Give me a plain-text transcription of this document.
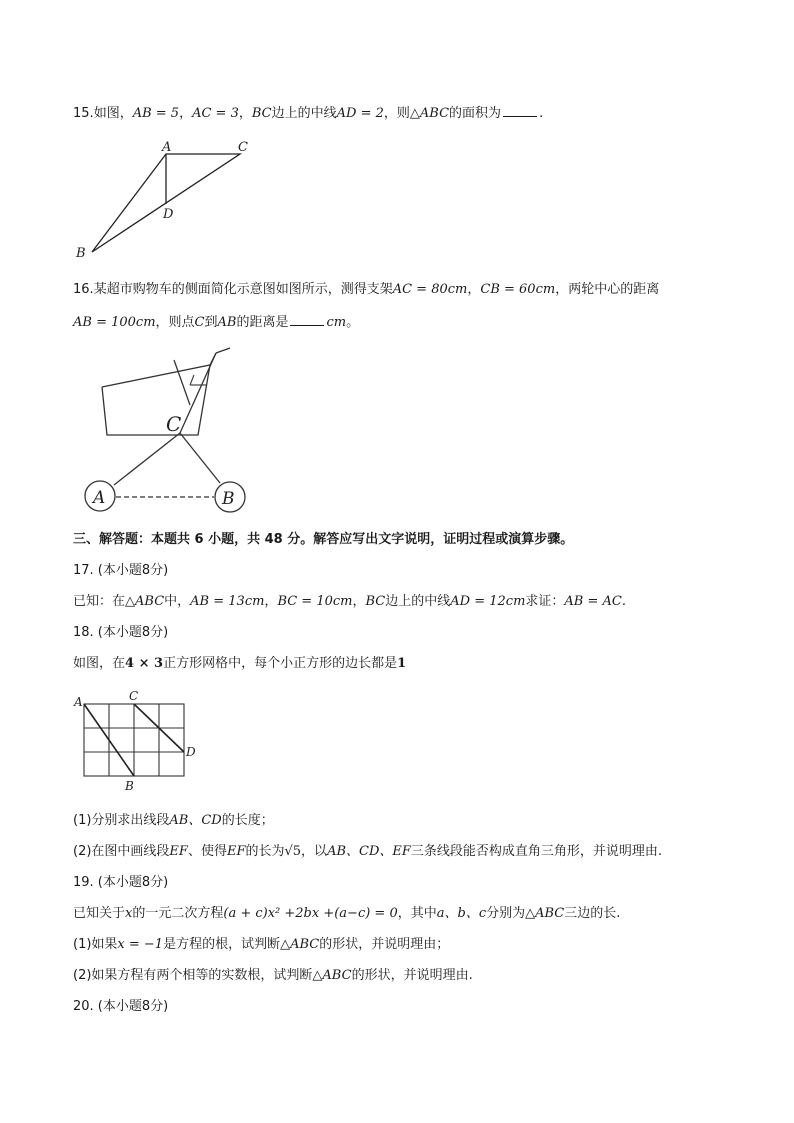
15.如图，AB = 5，AC = 3，BC边上的中线AD = 2，则△ABC的面积为	.
A	C
D
B
16.某超市购物车的侧面简化示意图如图所示，测得支架AC = 80cm，CB = 60cm，两轮中心的距离
AB = 100cm，则点C到AB的距离是	cm。
A	B
C
三、解答题：本题共 6 小题，共 48 分。解答应写出文字说明，证明过程或演算步骤。
17. (本小题8分)
已知：在△ABC中，AB = 13cm，BC = 10cm，BC边上的中线AD = 12cm求证：AB = AC.
18. (本小题8分)
如图，在4 × 3正方形网格中，每个小正方形的边长都是1
A	C
D
B
(1)分别求出线段AB、CD的长度；
(2)在图中画线段EF、使得EF的长为√5，以AB、CD、EF三条线段能否构成直角三角形，并说明理由.
19. (本小题8分)
已知关于x的一元二次方程(a + c)x² +2bx +(a−c) = 0，其中a、b、c分别为△ABC三边的长.
(1)如果x = −1是方程的根，试判断△ABC的形状，并说明理由；
(2)如果方程有两个相等的实数根，试判断△ABC的形状，并说明理由.
20. (本小题8分)
